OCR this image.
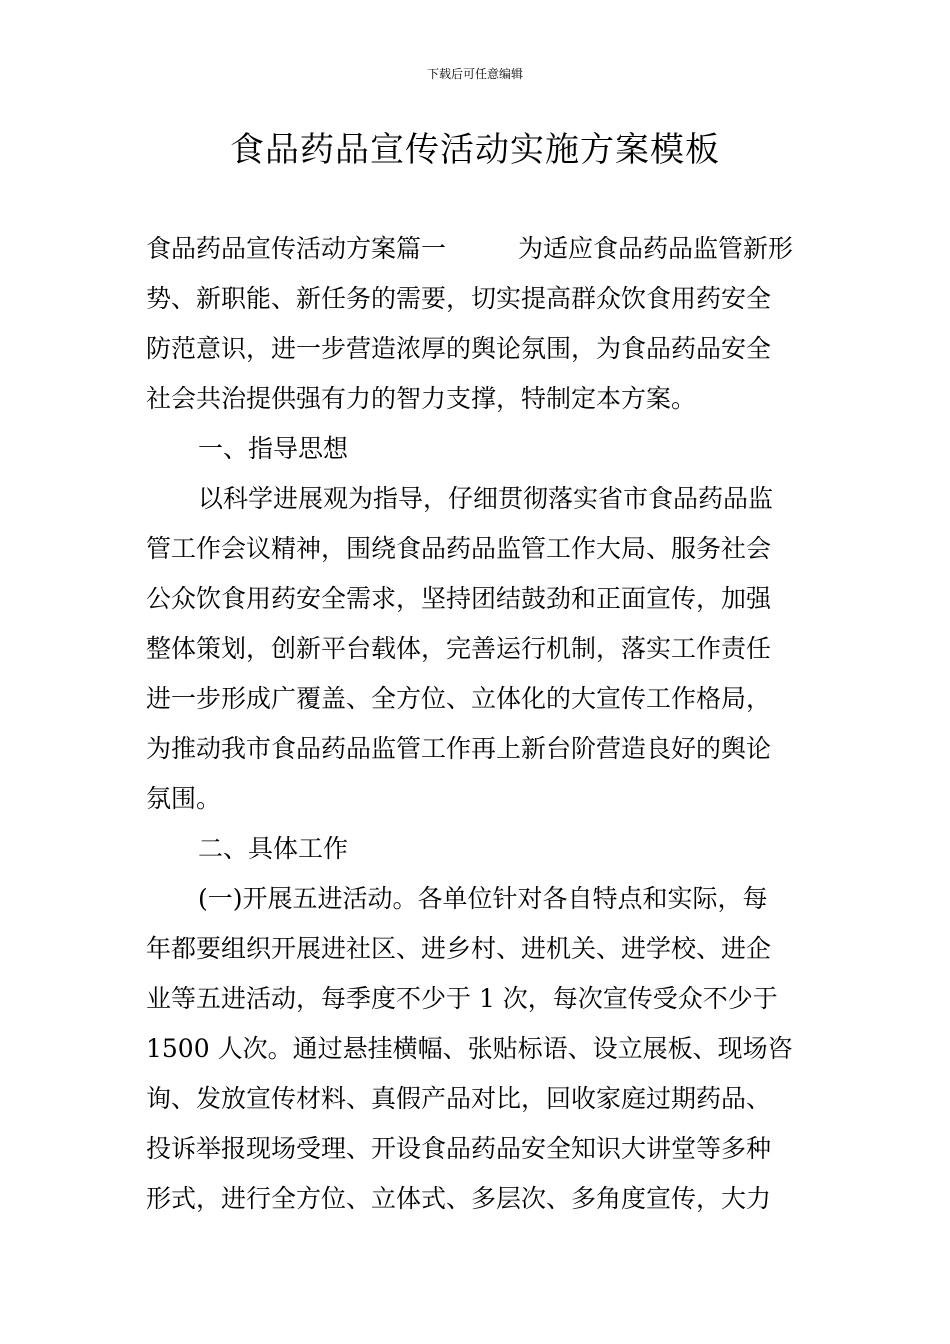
下载后可任意编辑
食品药品宣传活动实施方案模板
食品药品宣传活动方案篇一	为适应食品药品监管新形
势、新职能、新任务的需要，切实提高群众饮食用药安全
防范意识，进一步营造浓厚的舆论氛围，为食品药品安全
社会共治提供强有力的智力支撑，特制定本方案。
一、指导思想
以科学进展观为指导，仔细贯彻落实省市食品药品监
管工作会议精神，围绕食品药品监管工作大局、服务社会
公众饮食用药安全需求，坚持团结鼓劲和正面宣传，加强
整体策划，创新平台载体，完善运行机制，落实工作责任
进一步形成广覆盖、全方位、立体化的大宣传工作格局，
为推动我市食品药品监管工作再上新台阶营造良好的舆论
氛围。
二、具体工作
(一)开展五进活动。各单位针对各自特点和实际，每
年都要组织开展进社区、进乡村、进机关、进学校、进企
业等五进活动，每季度不少于 1 次，每次宣传受众不少于
1500 人次。通过悬挂横幅、张贴标语、设立展板、现场咨
询、发放宣传材料、真假产品对比，回收家庭过期药品、
投诉举报现场受理、开设食品药品安全知识大讲堂等多种
形式，进行全方位、立体式、多层次、多角度宣传，大力
